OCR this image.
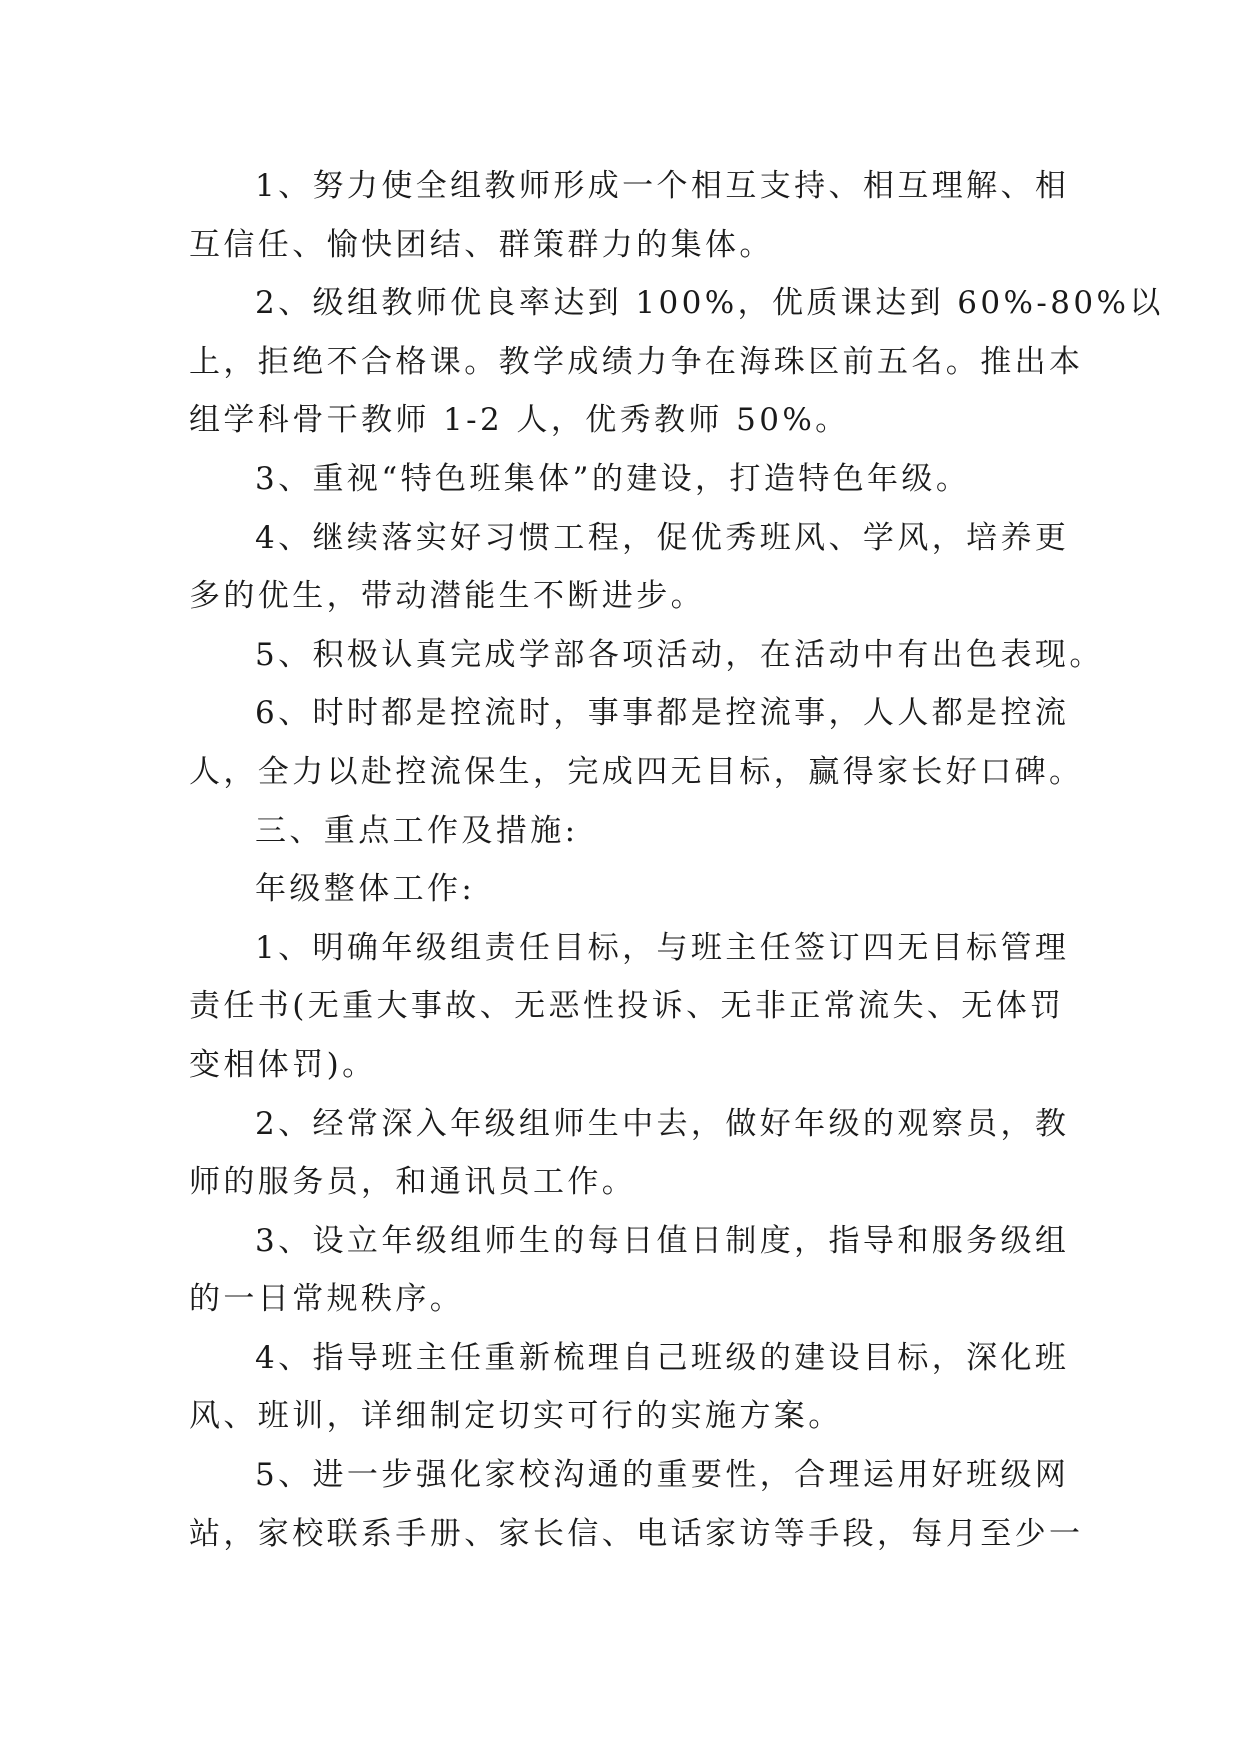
1、努力使全组教师形成一个相互支持、相互理解、相
互信任、愉快团结、群策群力的集体。
2、级组教师优良率达到 100%，优质课达到 60%-80%以
上，拒绝不合格课。教学成绩力争在海珠区前五名。推出本
组学科骨干教师 1-2 人，优秀教师 50%。
3、重视“特色班集体”的建设，打造特色年级。
4、继续落实好习惯工程，促优秀班风、学风，培养更
多的优生，带动潜能生不断进步。
5、积极认真完成学部各项活动，在活动中有出色表现。
6、时时都是控流时，事事都是控流事，人人都是控流
人，全力以赴控流保生，完成四无目标，赢得家长好口碑。
三、重点工作及措施:
年级整体工作:
1、明确年级组责任目标，与班主任签订四无目标管理
责任书(无重大事故、无恶性投诉、无非正常流失、无体罚
变相体罚)。
2、经常深入年级组师生中去，做好年级的观察员，教
师的服务员，和通讯员工作。
3、设立年级组师生的每日值日制度，指导和服务级组
的一日常规秩序。
4、指导班主任重新梳理自己班级的建设目标，深化班
风、班训，详细制定切实可行的实施方案。
5、进一步强化家校沟通的重要性，合理运用好班级网
站，家校联系手册、家长信、电话家访等手段，每月至少一
